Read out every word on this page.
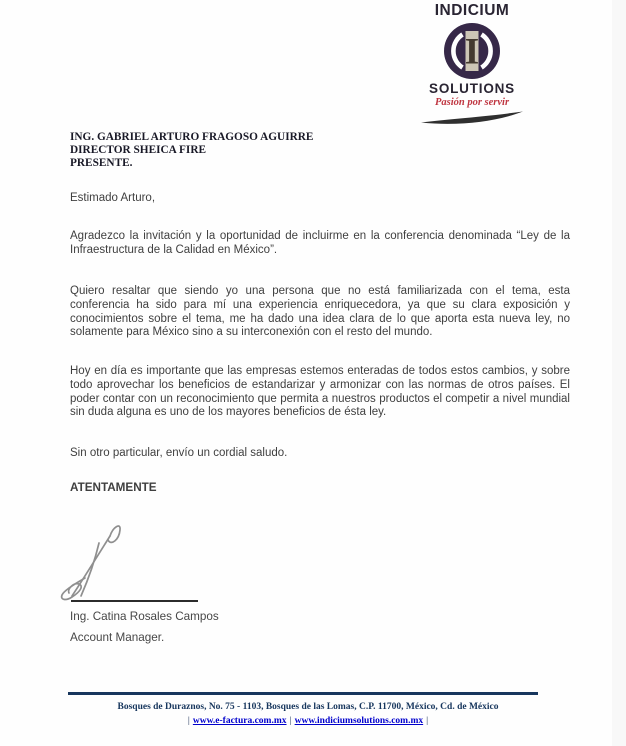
INDICIUM
I
SOLUTIONS
Pasión por servir
ING. GABRIEL ARTURO FRAGOSO AGUIRRE
DIRECTOR SHEICA FIRE
PRESENTE.
Estimado Arturo,

Agradezco la invitación y la oportunidad de incluirme en la conferencia denominada “Ley de la Infraestructura de la Calidad en México”.

Quiero resaltar que siendo yo una persona que no está familiarizada con el tema, esta conferencia ha sido para mí una experiencia enriquecedora, ya que su clara exposición y conocimientos sobre el tema, me ha dado una idea clara de lo que aporta esta nueva ley, no solamente para México sino a su interconexión con el resto del mundo.

Hoy en día es importante que las empresas estemos enteradas de todos estos cambios, y sobre todo aprovechar los beneficios de estandarizar y armonizar con las normas de otros países. El poder contar con un reconocimiento que permita a nuestros productos el competir a nivel mundial sin duda alguna es uno de los mayores beneficios de ésta ley.

Sin otro particular, envío un cordial saludo.
ATENTAMENTE
Ing. Catina Rosales Campos
Account Manager.
Bosques de Duraznos, No. 75 - 1103, Bosques de las Lomas, C.P. 11700, México, Cd. de México
| www.e-factura.com.mx | www.indiciumsolutions.com.mx |
